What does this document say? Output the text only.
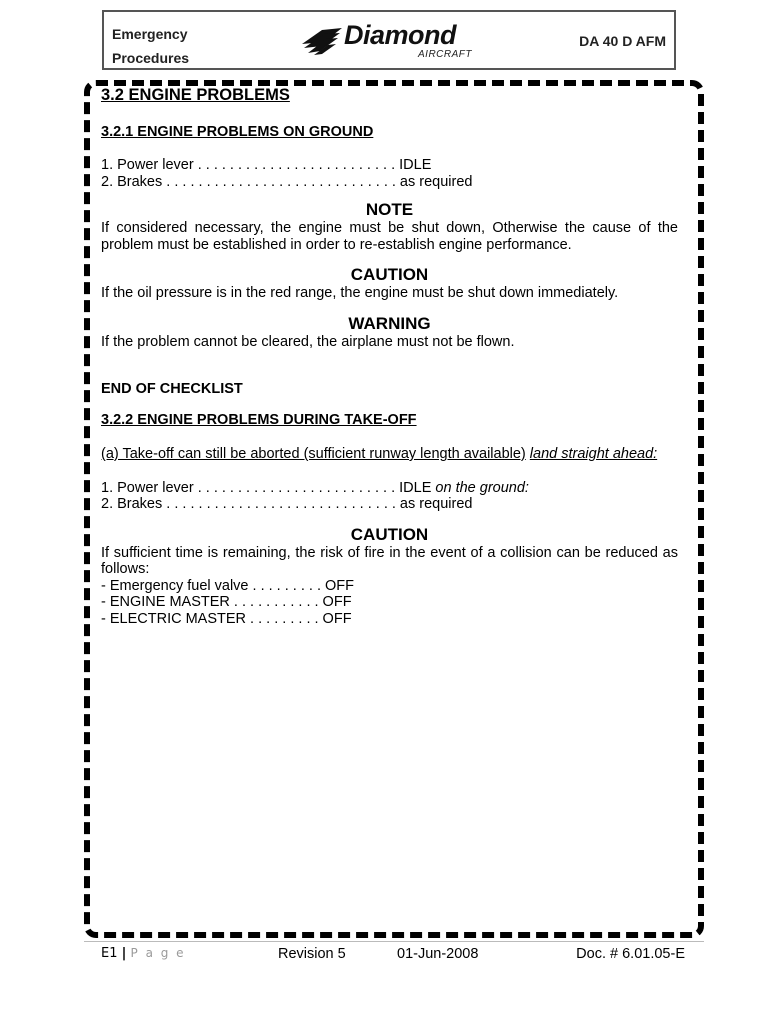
Emergency
Procedures
Diamond
AIRCRAFT
DA 40 D AFM
3.2 ENGINE PROBLEMS
3.2.1 ENGINE PROBLEMS ON GROUND
1. Power lever . . . . . . . . . . . . . . . . . . . . . . . . . IDLE
2. Brakes . . . . . . . . . . . . . . . . . . . . . . . . . . . . . as required
NOTE
If considered necessary, the engine must be shut down, Otherwise the cause of the problem must be established in order to re-establish engine performance.
CAUTION
If the oil pressure is in the red range, the engine must be shut down immediately.
WARNING
If the problem cannot be cleared, the airplane must not be flown.
END OF CHECKLIST
3.2.2 ENGINE PROBLEMS DURING TAKE-OFF
(a) Take-off can still be aborted (sufficient runway length available) land straight ahead:
1. Power lever . . . . . . . . . . . . . . . . . . . . . . . . . IDLE on the ground:
2. Brakes . . . . . . . . . . . . . . . . . . . . . . . . . . . . . as required
CAUTION
If sufficient time is remaining, the risk of fire in the event of a collision can be reduced as follows:
- Emergency fuel valve . . . . . . . . . OFF
- ENGINE MASTER . . . . . . . . . . . OFF
- ELECTRIC MASTER . . . . . . . . . OFF
E1 | P a g e	Revision 5	01-Jun-2008	Doc. # 6.01.05-E
